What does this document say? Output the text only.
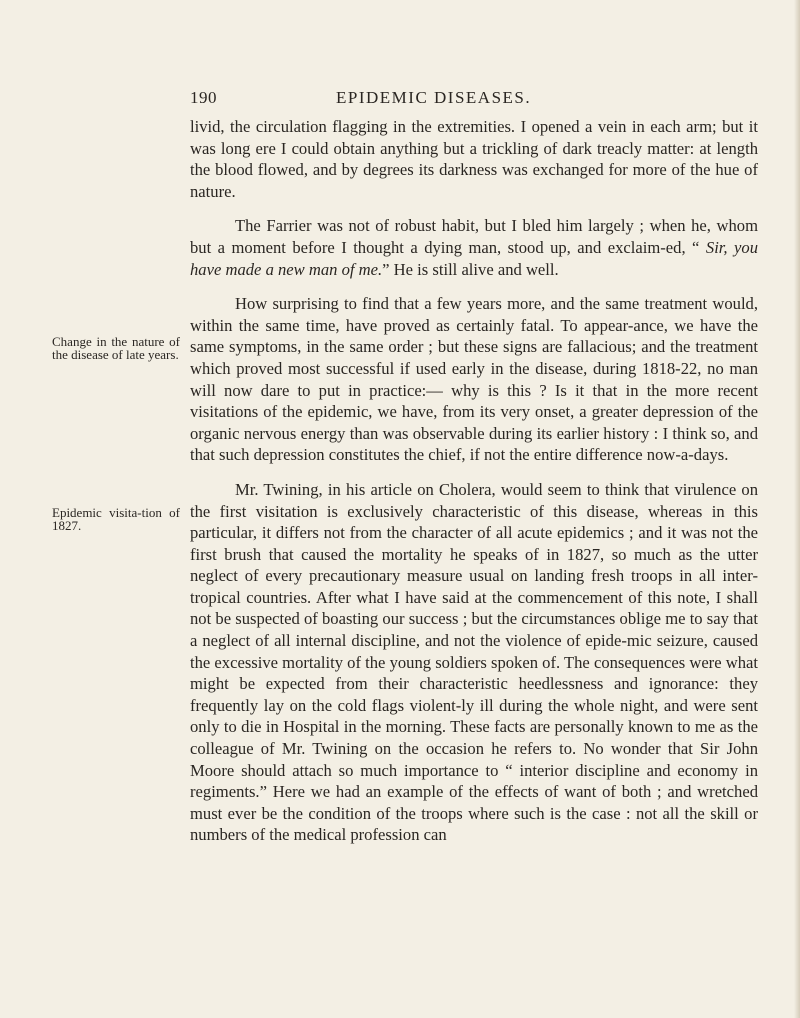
190	EPIDEMIC DISEASES.
Change in the nature of the disease of late years.
Epidemic visita-tion of 1827.

livid, the circulation flagging in the extremities. I opened a vein in each arm; but it was long ere I could obtain anything but a trickling of dark treacly matter: at length the blood flowed, and by degrees its darkness was exchanged for more of the hue of nature.

The Farrier was not of robust habit, but I bled him largely ; when he, whom but a moment before I thought a dying man, stood up, and exclaim-ed, “ Sir, you have made a new man of me.” He is still alive and well.

How surprising to find that a few years more, and the same treatment would, within the same time, have proved as certainly fatal. To appear-ance, we have the same symptoms, in the same order ; but these signs are fallacious; and the treatment which proved most successful if used early in the disease, during 1818-22, no man will now dare to put in practice:— why is this ? Is it that in the more recent visitations of the epidemic, we have, from its very onset, a greater depression of the organic nervous energy than was observable during its earlier history : I think so, and that such depression constitutes the chief, if not the entire difference now-a-days.

Mr. Twining, in his article on Cholera, would seem to think that virulence on the first visitation is exclusively characteristic of this disease, whereas in this particular, it differs not from the character of all acute epidemics ; and it was not the first brush that caused the mortality he speaks of in 1827, so much as the utter neglect of every precautionary measure usual on landing fresh troops in all inter-tropical countries. After what I have said at the commencement of this note, I shall not be suspected of boasting our success ; but the circumstances oblige me to say that a neglect of all internal discipline, and not the violence of epide-mic seizure, caused the excessive mortality of the young soldiers spoken of. The consequences were what might be expected from their characteristic heedlessness and ignorance: they frequently lay on the cold flags violent-ly ill during the whole night, and were sent only to die in Hospital in the morning. These facts are personally known to me as the colleague of Mr. Twining on the occasion he refers to. No wonder that Sir John Moore should attach so much importance to “ interior discipline and economy in regiments.” Here we had an example of the effects of want of both ; and wretched must ever be the condition of the troops where such is the case : not all the skill or numbers of the medical profession can
